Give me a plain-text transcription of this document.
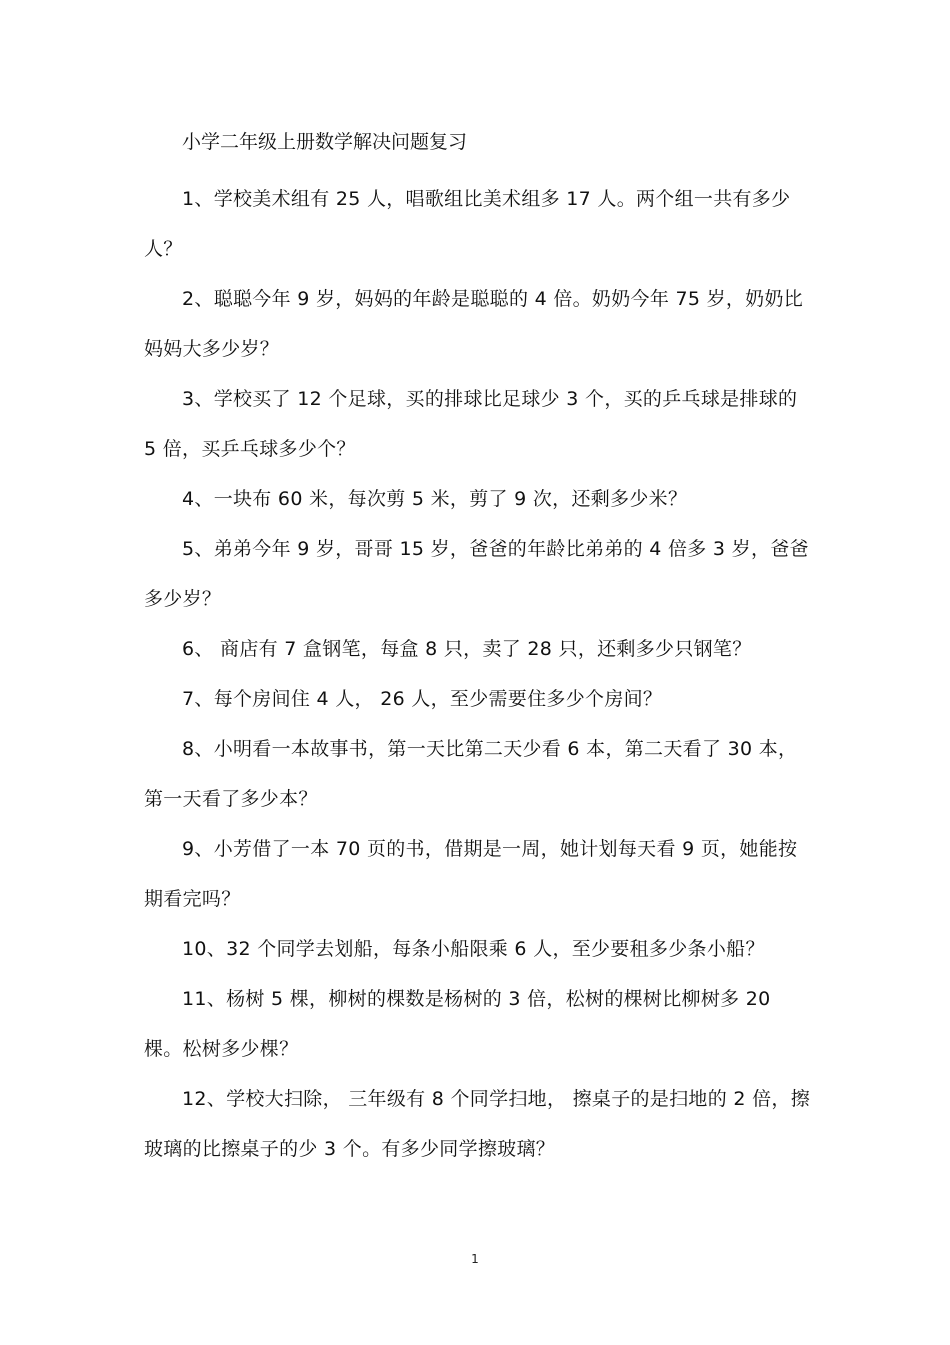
小学二年级上册数学解决问题复习

1、学校美术组有 25 人，唱歌组比美术组多 17 人。两个组一共有多少人？

2、聪聪今年 9 岁，妈妈的年龄是聪聪的 4 倍。奶奶今年 75 岁，奶奶比妈妈大多少岁？

3、学校买了 12 个足球，买的排球比足球少 3 个，买的乒乓球是排球的 5 倍，买乒乓球多少个？

4、一块布 60 米，每次剪 5 米，剪了 9 次，还剩多少米？

5、弟弟今年 9 岁，哥哥 15 岁，爸爸的年龄比弟弟的 4 倍多 3 岁，爸爸多少岁？

6、 商店有 7 盒钢笔，每盒 8 只，卖了 28 只，还剩多少只钢笔？

7、每个房间住 4 人， 26 人，至少需要住多少个房间？

8、小明看一本故事书，第一天比第二天少看 6 本，第二天看了 30 本，第一天看了多少本？

9、小芳借了一本 70 页的书，借期是一周，她计划每天看 9 页，她能按期看完吗？

10、32 个同学去划船，每条小船限乘 6 人，至少要租多少条小船？

11、杨树 5 棵，柳树的棵数是杨树的 3 倍，松树的棵树比柳树多 20 棵。松树多少棵？

12、学校大扫除， 三年级有 8 个同学扫地， 擦桌子的是扫地的 2 倍，擦玻璃的比擦桌子的少 3 个。有多少同学擦玻璃？

1
